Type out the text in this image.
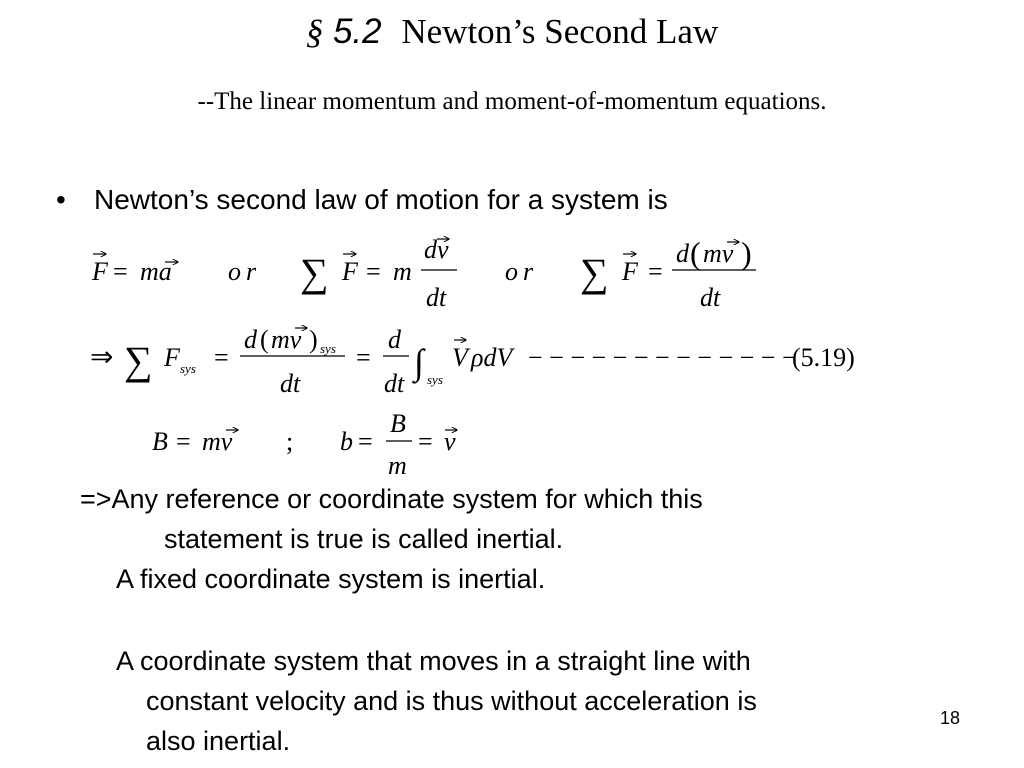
§ 5.2 Newton’s Second Law
--The linear momentum and moment-of-momentum equations.
• Newton’s second law of motion for a system is
F = ma or ∑ F = m
dv
dt
or ∑ F =
d ( mv )
dt
⇒ ∑ F sys =
d ( mv ) sys
dt
=
d
dt
∫ sys
V ρdV − − − − − − − − − − − − −
(5.19)
B = mv ; b =
B
m
= v
=>Any reference or coordinate system for which this
statement is true is called inertial.
A fixed coordinate system is inertial.
A coordinate system that moves in a straight line with
constant velocity and is thus without acceleration is
also inertial.
18
